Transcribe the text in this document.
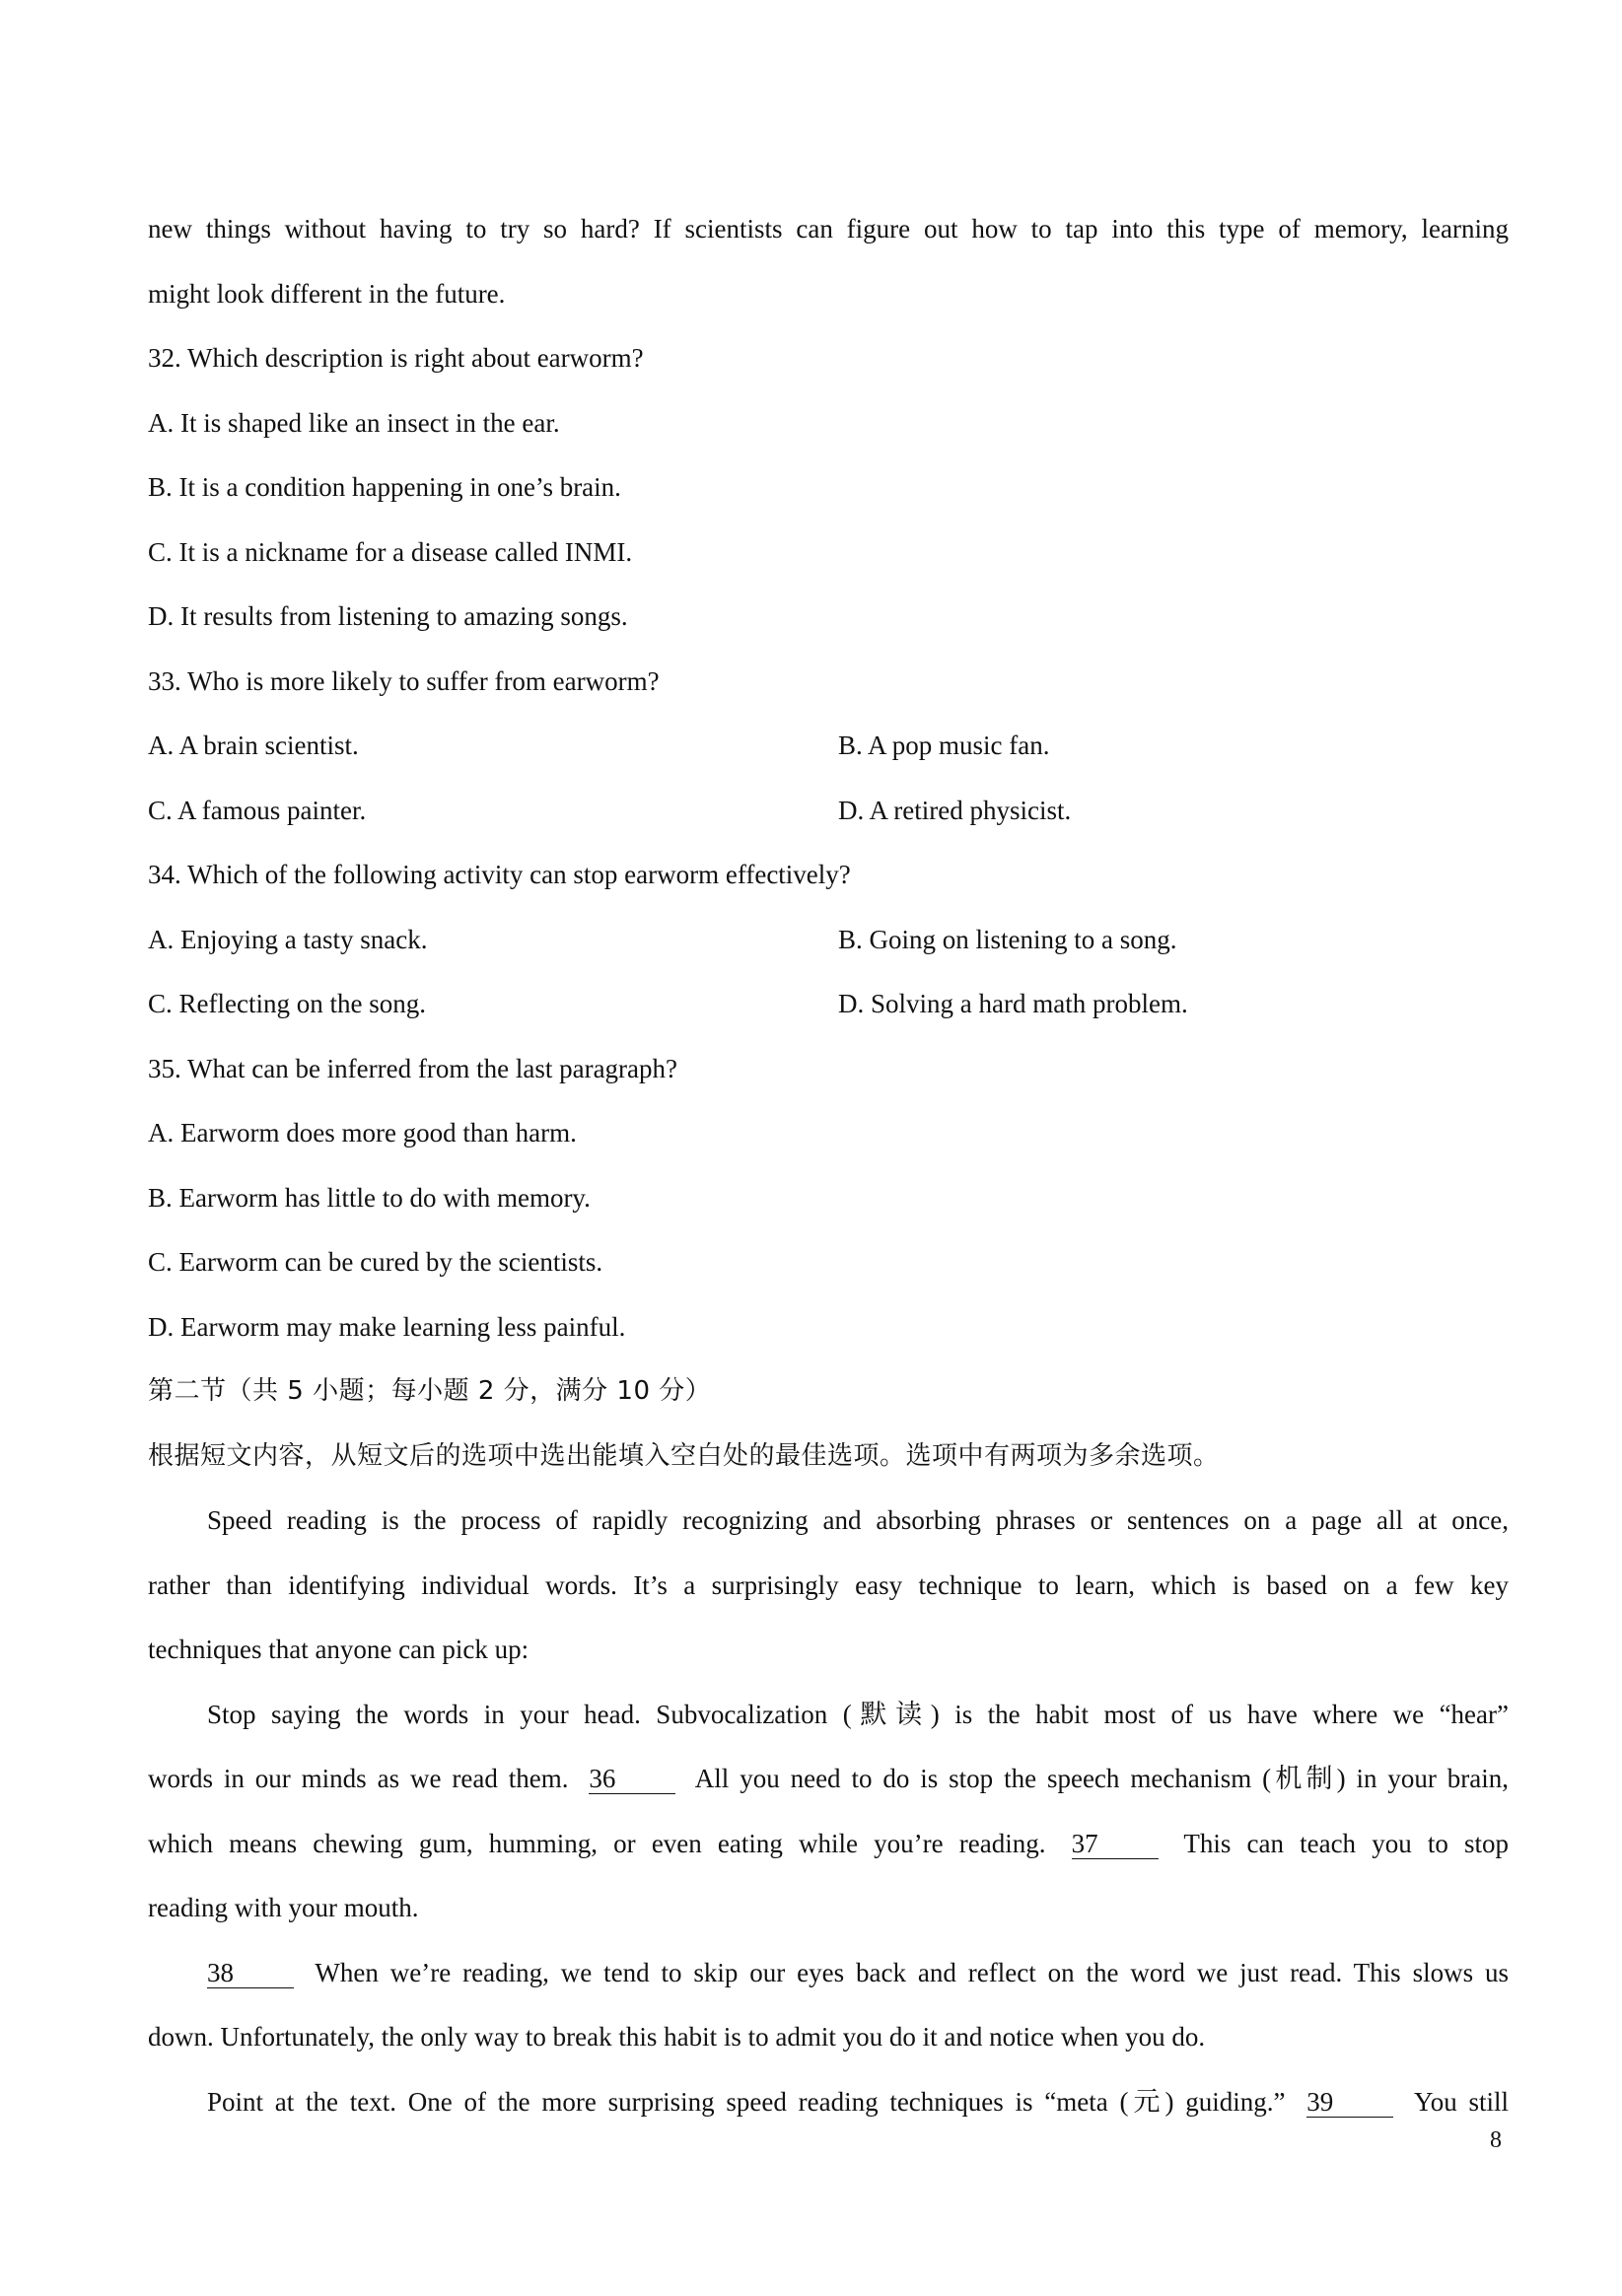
new things without having to try so hard? If scientists can figure out how to tap into this type of memory, learning
might look different in the future.
32. Which description is right about earworm?
A. It is shaped like an insect in the ear.
B. It is a condition happening in one’s brain.
C. It is a nickname for a disease called INMI.
D. It results from listening to amazing songs.
33. Who is more likely to suffer from earworm?
A. A brain scientist.	B. A pop music fan.
C. A famous painter.	D. A retired physicist.
34. Which of the following activity can stop earworm effectively?
A. Enjoying a tasty snack.	B. Going on listening to a song.
C. Reflecting on the song.	D. Solving a hard math problem.
35. What can be inferred from the last paragraph?
A. Earworm does more good than harm.
B. Earworm has little to do with memory.
C. Earworm can be cured by the scientists.
D. Earworm may make learning less painful.
第二节（共 5 小题；每小题 2 分，满分 10 分）
根据短文内容，从短文后的选项中选出能填入空白处的最佳选项。选项中有两项为多余选项。
Speed reading is the process of rapidly recognizing and absorbing phrases or sentences on a page all at once,
rather than identifying individual words. It’s a surprisingly easy technique to learn, which is based on a few key
techniques that anyone can pick up:
Stop saying the words in your head. Subvocalization (默读) is the habit most of us have where we “hear”
words in our minds as we read them. 36	All you need to do is stop the speech mechanism (机制) in your brain,
which means chewing gum, humming, or even eating while you’re reading. 37	This can teach you to stop
reading with your mouth.
38	When we’re reading, we tend to skip our eyes back and reflect on the word we just read. This slows us
down. Unfortunately, the only way to break this habit is to admit you do it and notice when you do.
Point at the text. One of the more surprising speed reading techniques is “meta (元) guiding.” 39	You still
8
